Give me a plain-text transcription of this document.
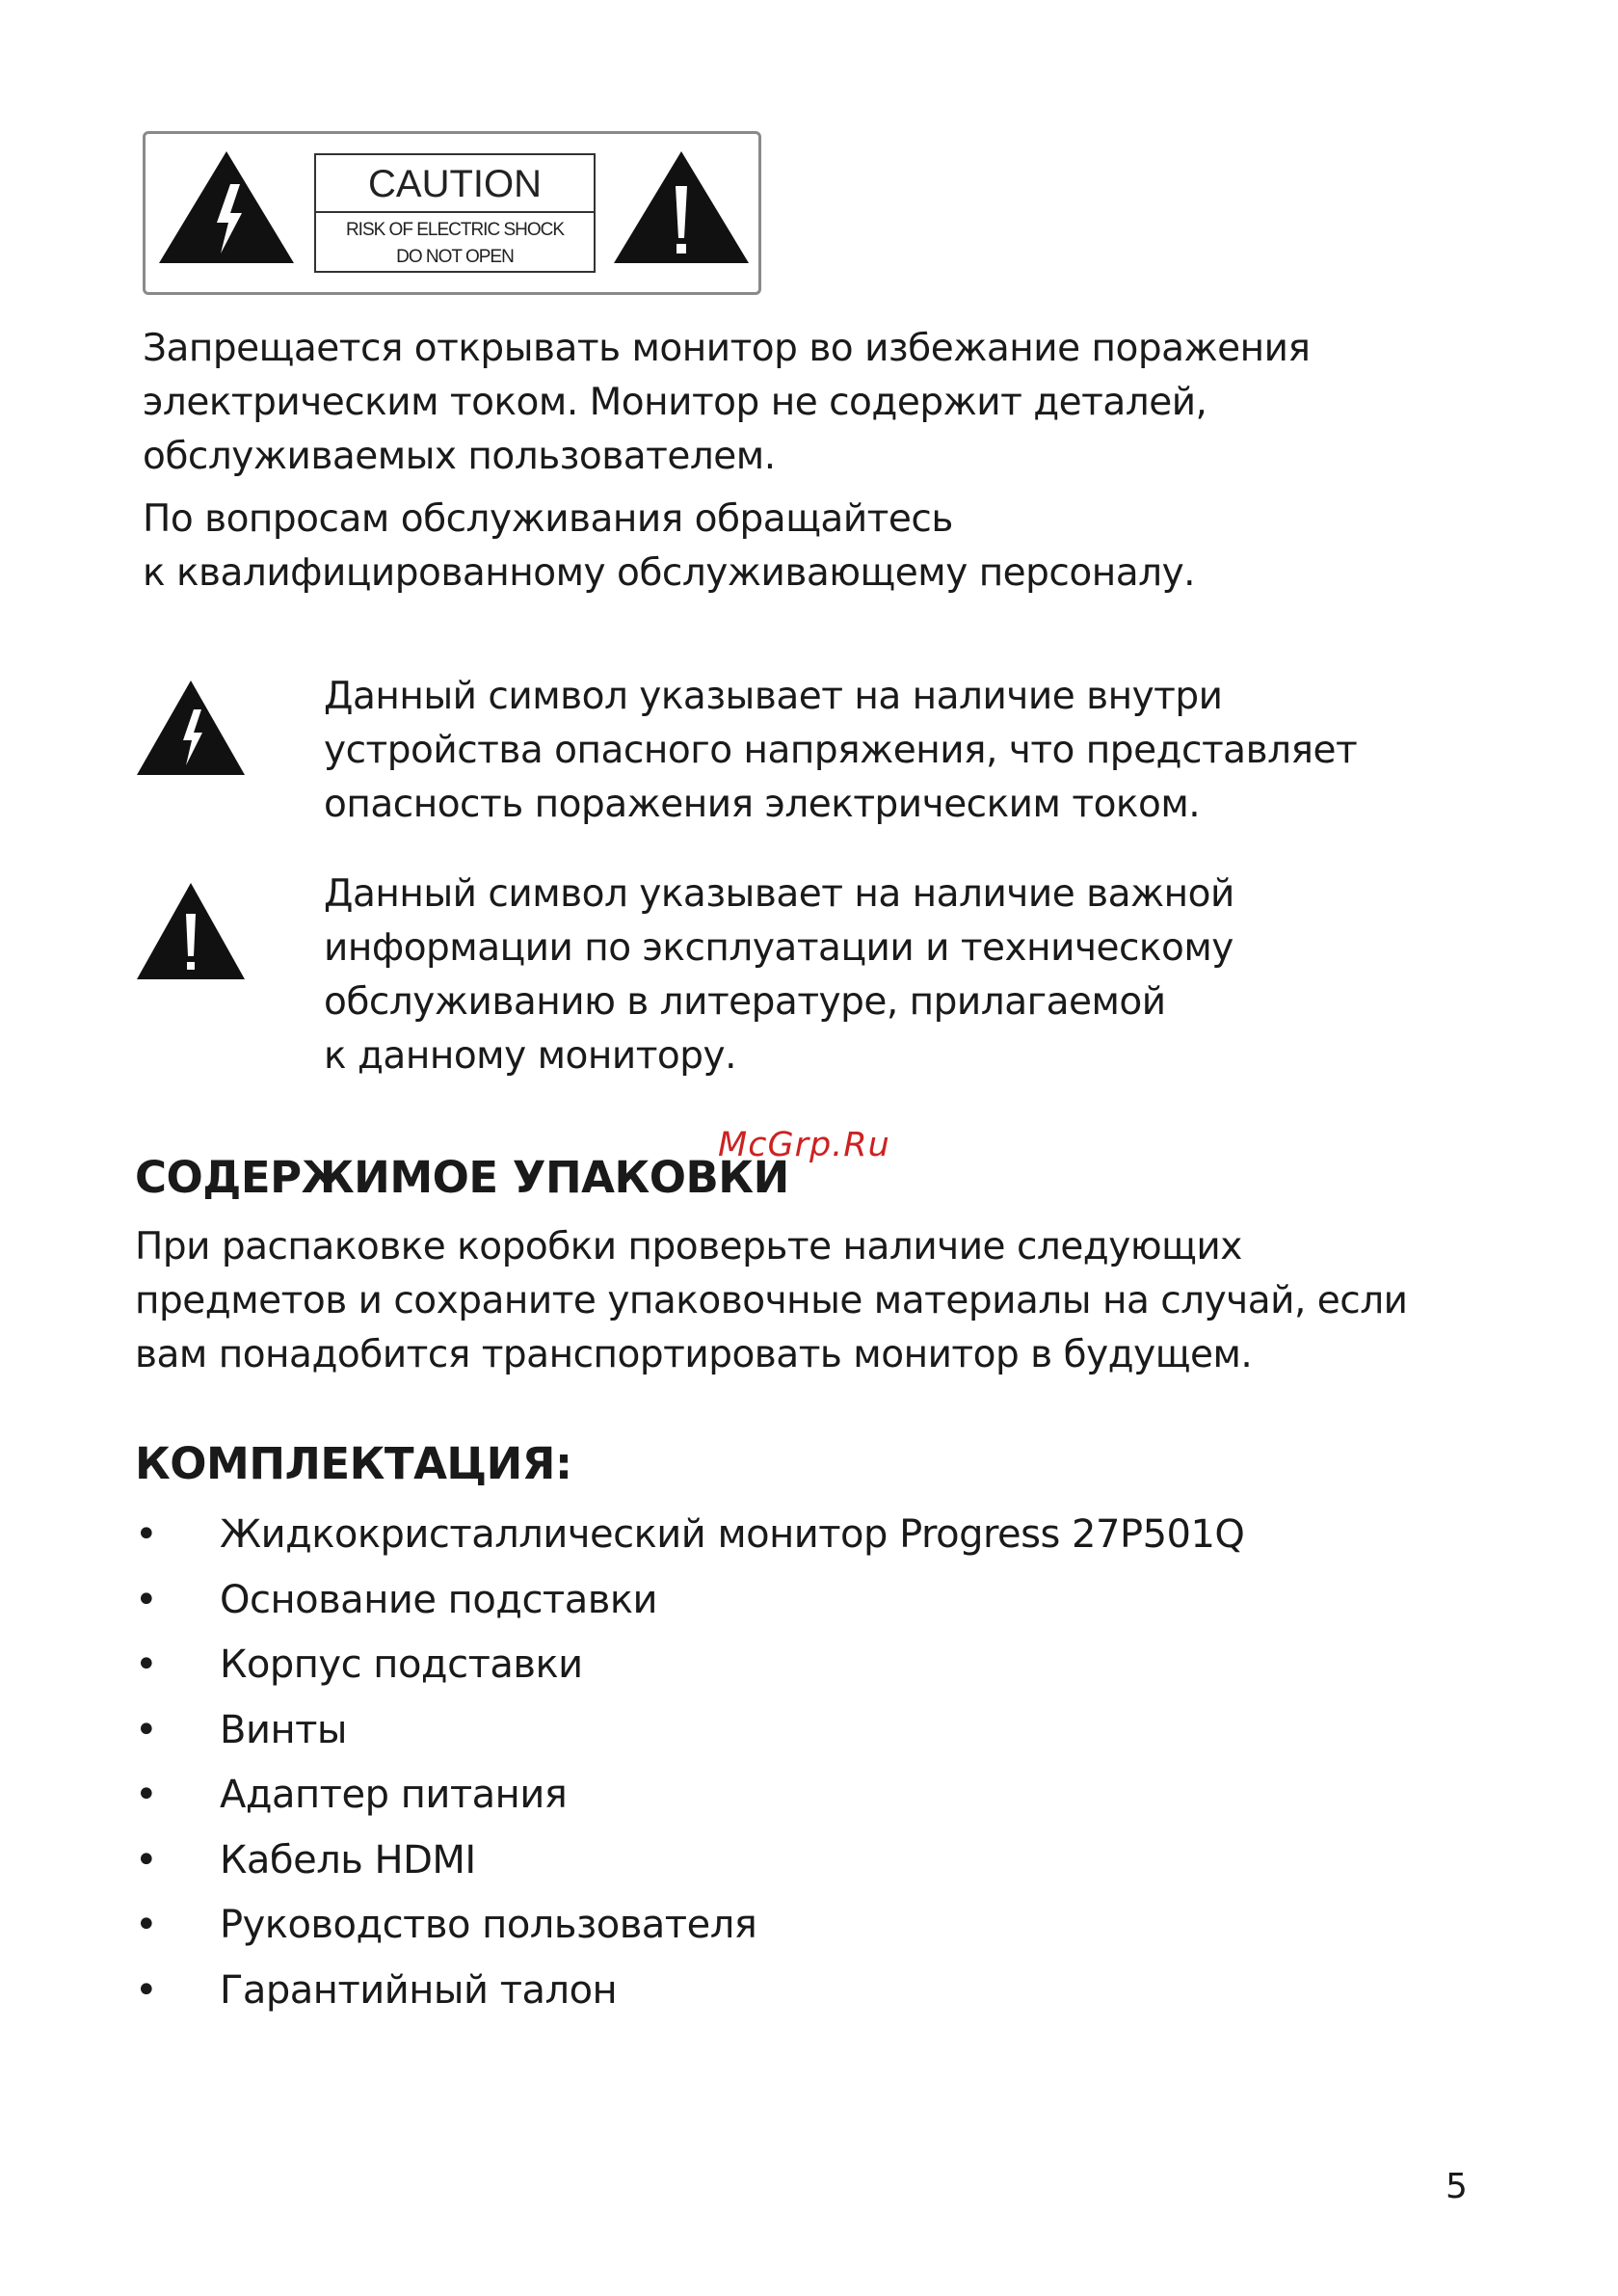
CAUTION
RISK OF ELECTRIC SHOCK
DO NOT OPEN
Запрещается открывать монитор во избежание поражения
электрическим током. Монитор не содержит деталей,
обслуживаемых пользователем.
По вопросам обслуживания обращайтесь
к квалифицированному обслуживающему персоналу.
Данный символ указывает на наличие внутри
устройства опасного напряжения, что представляет
опасность поражения электрическим током.
Данный символ указывает на наличие важной
информации по эксплуатации и техническому
обслуживанию в литературе, прилагаемой
к данному монитору.
СОДЕРЖИМОЕ УПАКОВКИ
McGrp.Ru
При распаковке коробки проверьте наличие следующих
предметов и сохраните упаковочные материалы на случай, если
вам понадобится транспортировать монитор в будущем.
КОМПЛЕКТАЦИЯ:
•	Жидкокристаллический монитор Progress 27P501Q
•	Основание подставки
•	Корпус подставки
•	Винты
•	Адаптер питания
•	Кабель HDMI
•	Руководство пользователя
•	Гарантийный талон
5
